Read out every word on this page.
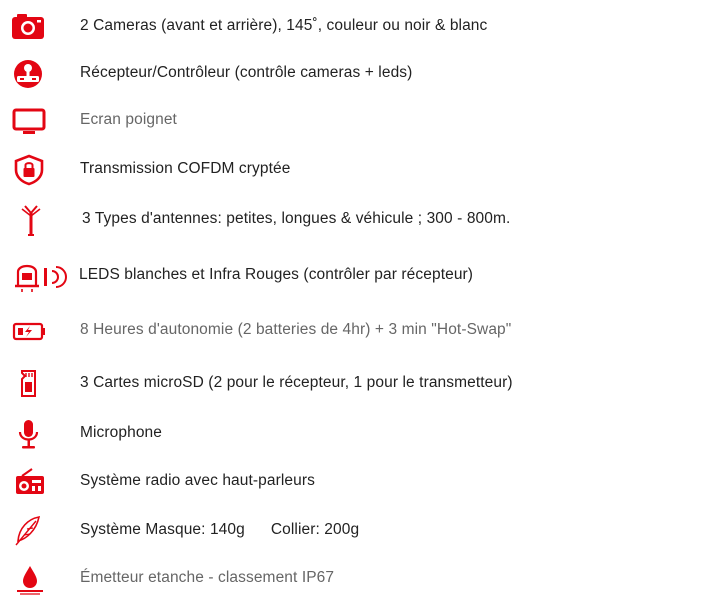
2 Cameras (avant et arrière), 145˚, couleur ou noir & blanc
Récepteur/Contrôleur (contrôle cameras + leds)
Ecran poignet
Transmission COFDM cryptée
3 Types d'antennes: petites, longues & véhicule ; 300 - 800m.
LEDS blanches et Infra Rouges (contrôler par récepteur)
8 Heures d'autonomie (2 batteries de 4hr) + 3 min "Hot-Swap"
3 Cartes microSD (2 pour le récepteur, 1 pour le transmetteur)
Microphone
Système radio avec haut-parleurs
Système Masque: 140g Collier: 200g
Émetteur etanche - classement IP67
